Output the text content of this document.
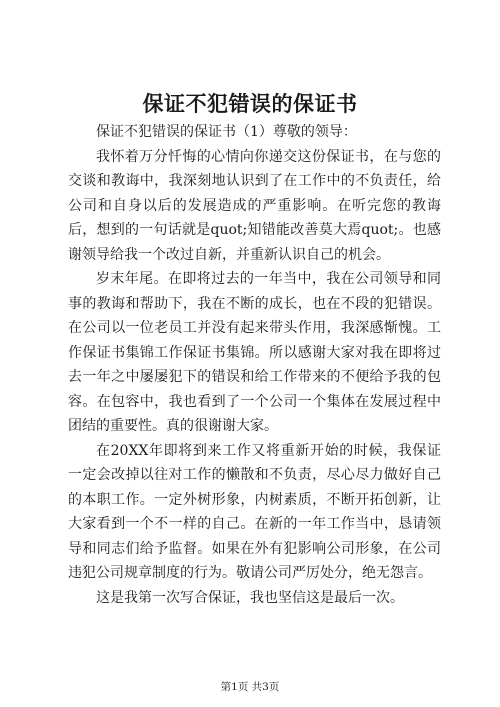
保证不犯错误的保证书

保证不犯错误的保证书（1）尊敬的领导：

我怀着万分忏悔的心情向你递交这份保证书，在与您的交谈和教诲中，我深刻地认识到了在工作中的不负责任，给公司和自身以后的发展造成的严重影响。在听完您的教诲后，想到的一句话就是quot;知错能改善莫大焉quot;。也感谢领导给我一个改过自新，并重新认识自己的机会。

岁末年尾。在即将过去的一年当中，我在公司领导和同事的教诲和帮助下，我在不断的成长，也在不段的犯错误。在公司以一位老员工并没有起来带头作用，我深感惭愧。工作保证书集锦工作保证书集锦。所以感谢大家对我在即将过去一年之中屡屡犯下的错误和给工作带来的不便给予我的包容。在包容中，我也看到了一个公司一个集体在发展过程中团结的重要性。真的很谢谢大家。

在20XX年即将到来工作又将重新开始的时候，我保证一定会改掉以往对工作的懒散和不负责，尽心尽力做好自己的本职工作。一定外树形象，内树素质，不断开拓创新，让大家看到一个不一样的自己。在新的一年工作当中，恳请领导和同志们给予监督。如果在外有犯影响公司形象，在公司违犯公司规章制度的行为。敬请公司严厉处分，绝无怨言。

这是我第一次写合保证，我也坚信这是最后一次。

第1页 共3页
